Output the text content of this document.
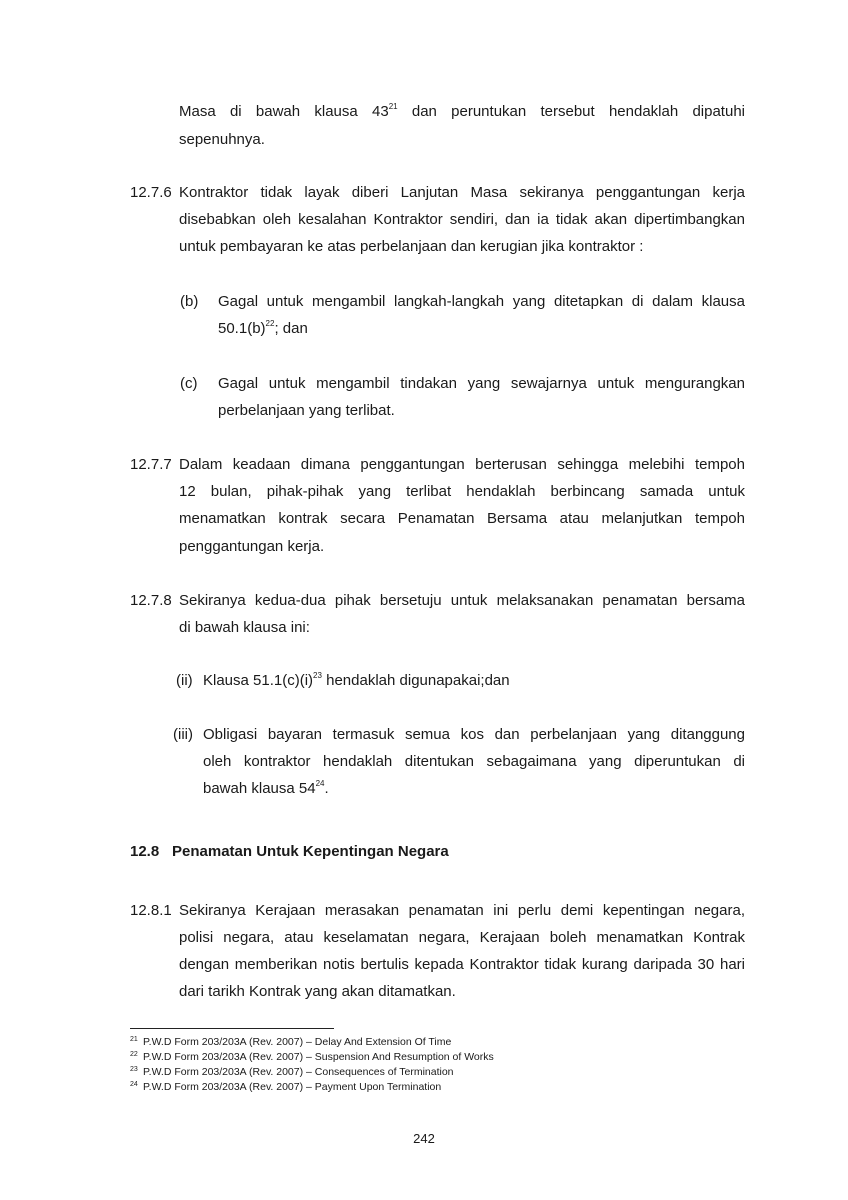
Masa di bawah klausa $43^{21}$ dan peruntukan tersebut hendaklah dipatuhi
sepenuhnya.
12.7.6 Kontraktor tidak layak diberi Lanjutan Masa sekiranya penggantungan kerja
disebabkan oleh kesalahan Kontraktor sendiri, dan ia tidak akan dipertimbangkan
untuk pembayaran ke atas perbelanjaan dan kerugian jika kontraktor :
(b) Gagal untuk mengambil langkah-langkah yang ditetapkan di dalam klausa
$50.1(b)^{22}$; dan
(c) Gagal untuk mengambil tindakan yang sewajarnya untuk mengurangkan
perbelanjaan yang terlibat.
12.7.7 Dalam keadaan dimana penggantungan berterusan sehingga melebihi tempoh
12 bulan, pihak-pihak yang terlibat hendaklah berbincang samada untuk
menamatkan kontrak secara Penamatan Bersama atau melanjutkan tempoh
penggantungan kerja.
12.7.8 Sekiranya kedua-dua pihak bersetuju untuk melaksanakan penamatan bersama
di bawah klausa ini:
(ii) Klausa $51.1(c)(i)^{23}$ hendaklah digunapakai;dan
(iii) Obligasi bayaran termasuk semua kos dan perbelanjaan yang ditanggung
oleh kontraktor hendaklah ditentukan sebagaimana yang diperuntukan di
bawah klausa $54^{24}$.
12.8 Penamatan Untuk Kepentingan Negara
12.8.1 Sekiranya Kerajaan merasakan penamatan ini perlu demi kepentingan negara,
polisi negara, atau keselamatan negara, Kerajaan boleh menamatkan Kontrak
dengan memberikan notis bertulis kepada Kontraktor tidak kurang daripada 30 hari
dari tarikh Kontrak yang akan ditamatkan.
$^{21}$ P.W.D Form 203/203A (Rev. 2007) – Delay And Extension Of Time
$^{22}$ P.W.D Form 203/203A (Rev. 2007) – Suspension And Resumption of Works
$^{23}$ P.W.D Form 203/203A (Rev. 2007) – Consequences of Termination
$^{24}$ P.W.D Form 203/203A (Rev. 2007) – Payment Upon Termination
242
